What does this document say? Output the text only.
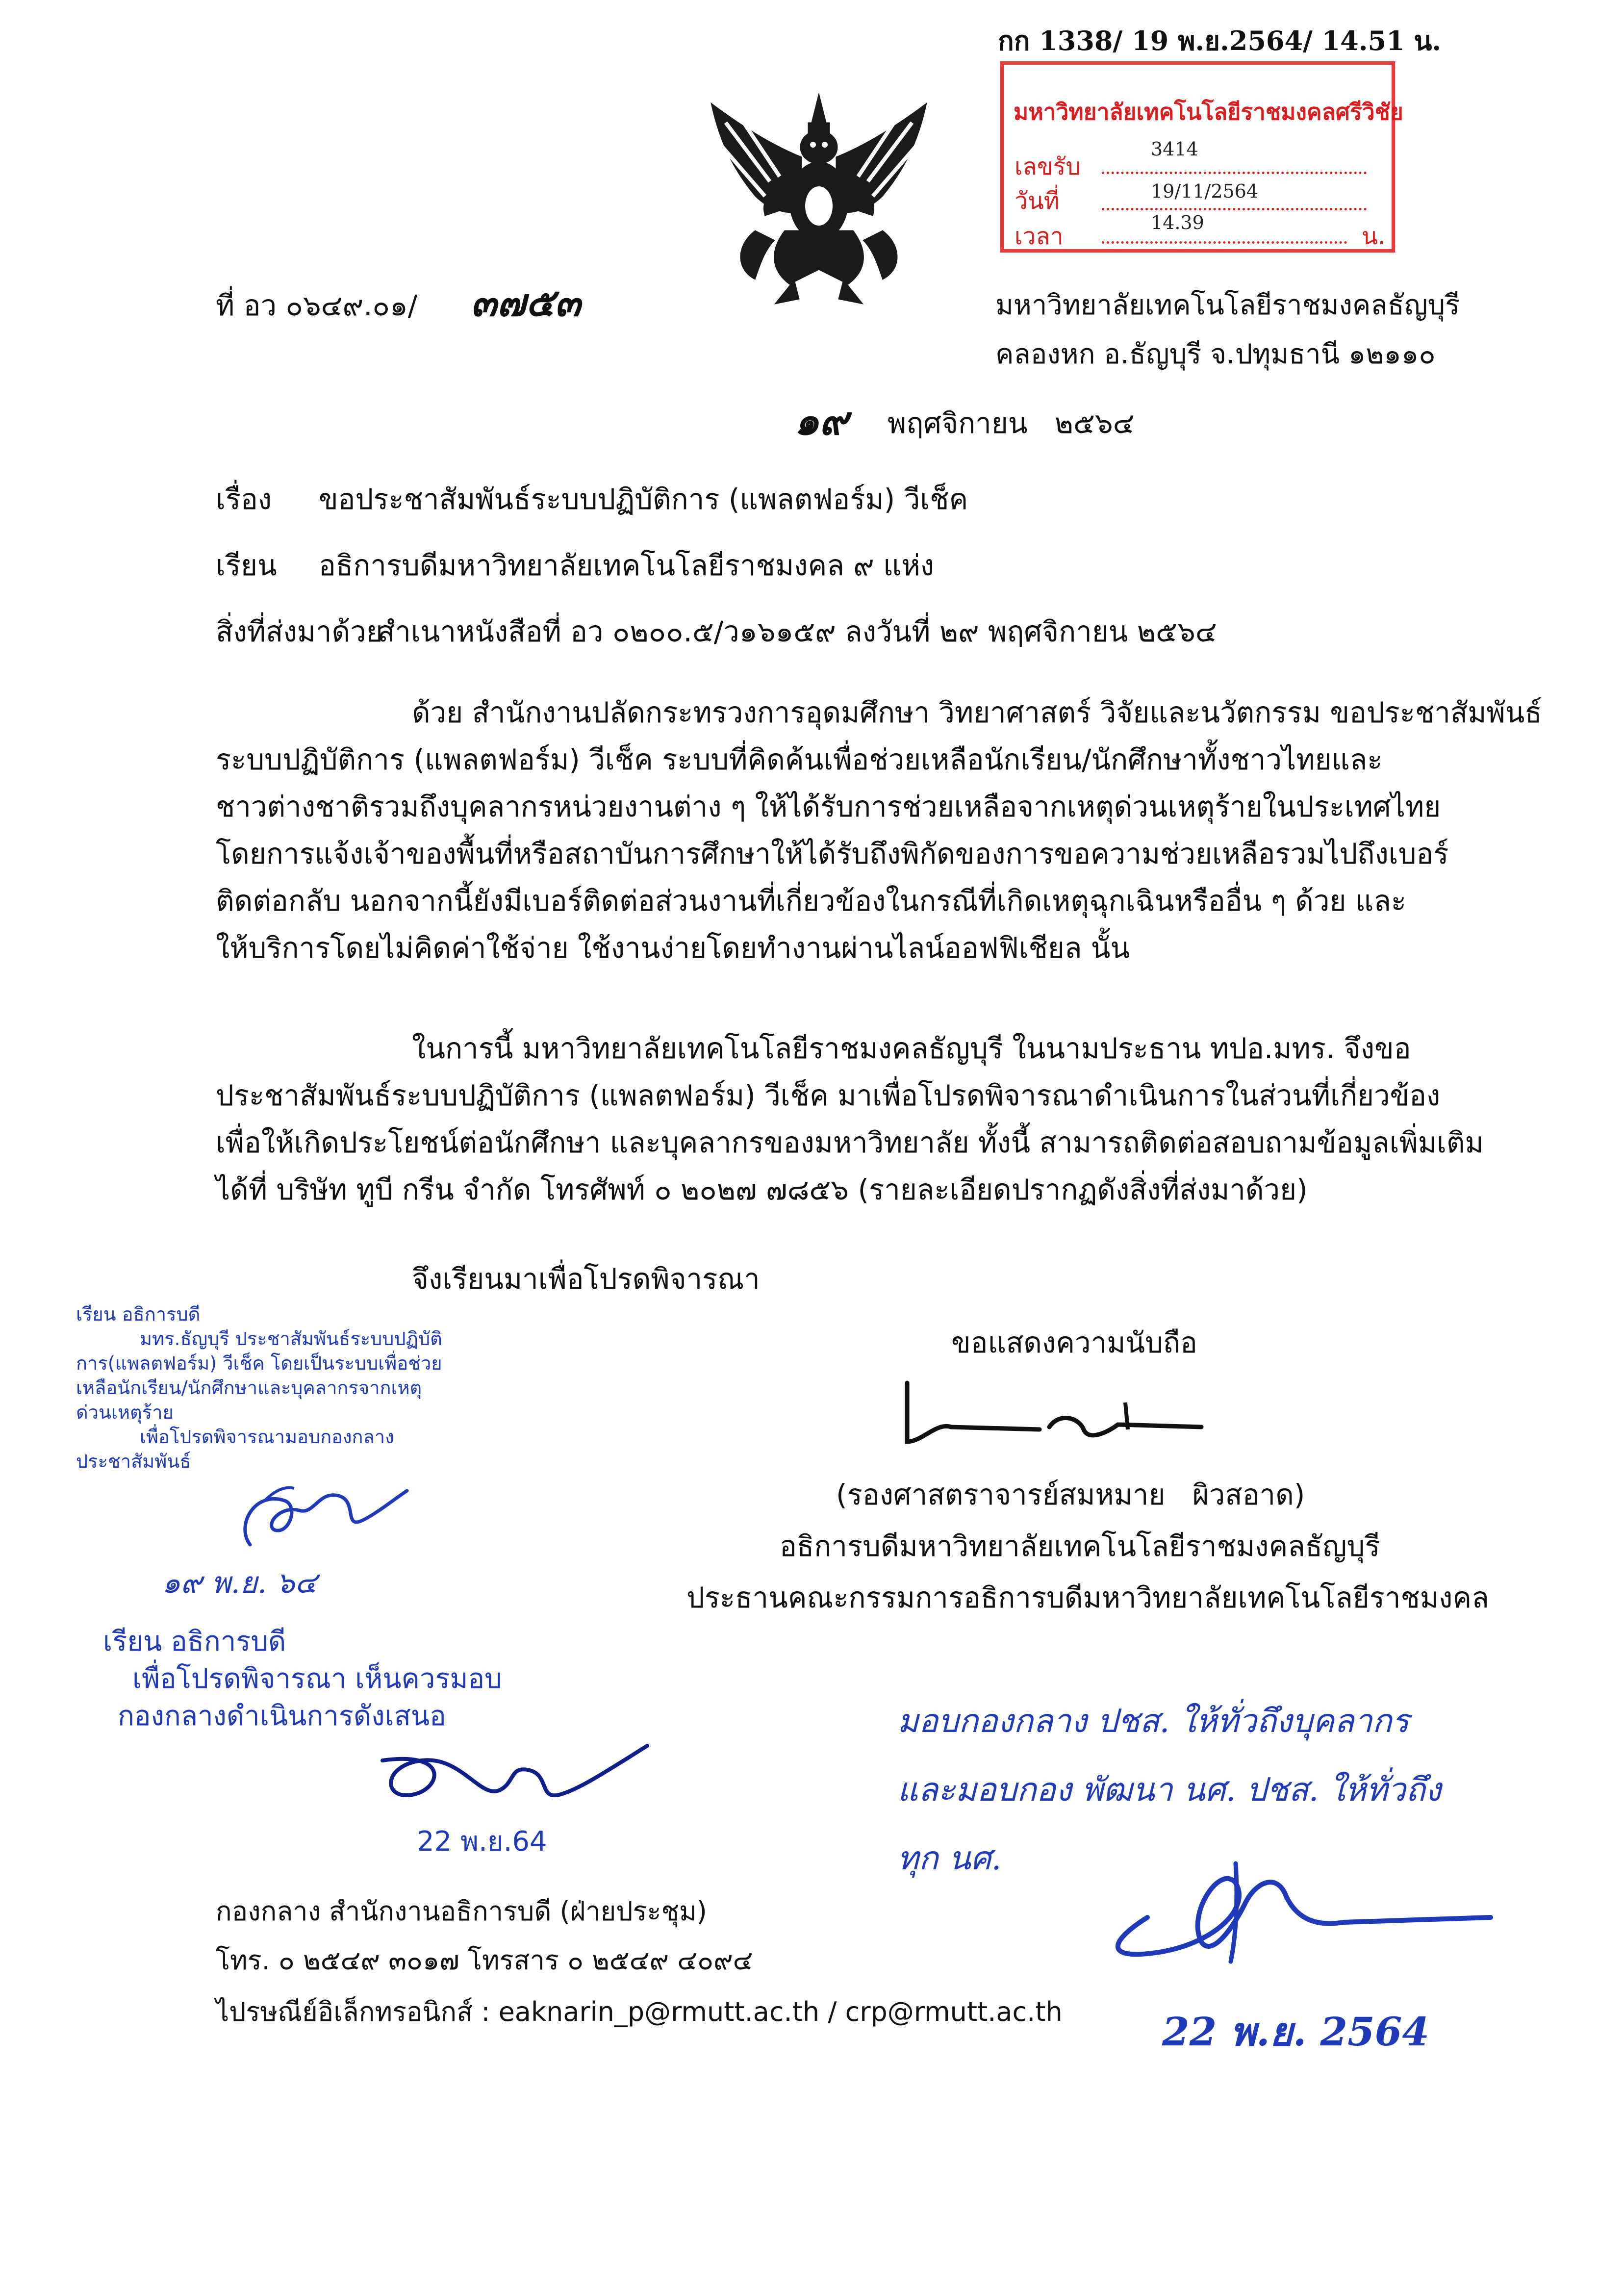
กก 1338/ 19 พ.ย.2564/ 14.51 น.
มหาวิทยาลัยเทคโนโลยีราชมงคลศรีวิชัย
เลขรับ
3414
วันที่	19/11/2564
เวลา	14.39	น.
ที่ อว ๐๖๔๙.๐๑/ ๓๗๕๓	มหาวิทยาลัยเทคโนโลยีราชมงคลธัญบุรี
คลองหก อ.ธัญบุรี จ.ปทุมธานี ๑๒๑๑๐
๑๙ พฤศจิกายน   ๒๕๖๔
เรื่อง ขอประชาสัมพันธ์ระบบปฏิบัติการ (แพลตฟอร์ม) วีเช็ค
เรียน อธิการบดีมหาวิทยาลัยเทคโนโลยีราชมงคล ๙ แห่ง
สิ่งที่ส่งมาด้วย
สำเนาหนังสือที่ อว ๐๒๐๐.๕/ว๑๖๑๕๙ ลงวันที่ ๒๙ พฤศจิกายน ๒๕๖๔
ด้วย สำนักงานปลัดกระทรวงการอุดมศึกษา วิทยาศาสตร์ วิจัยและนวัตกรรม ขอประชาสัมพันธ์
ระบบปฏิบัติการ (แพลตฟอร์ม) วีเช็ค ระบบที่คิดค้นเพื่อช่วยเหลือนักเรียน/นักศึกษาทั้งชาวไทยและ
ชาวต่างชาติรวมถึงบุคลากรหน่วยงานต่าง ๆ ให้ได้รับการช่วยเหลือจากเหตุด่วนเหตุร้ายในประเทศไทย
โดยการแจ้งเจ้าของพื้นที่หรือสถาบันการศึกษาให้ได้รับถึงพิกัดของการขอความช่วยเหลือรวมไปถึงเบอร์
ติดต่อกลับ นอกจากนี้ยังมีเบอร์ติดต่อส่วนงานที่เกี่ยวข้องในกรณีที่เกิดเหตุฉุกเฉินหรืออื่น ๆ ด้วย และ
ให้บริการโดยไม่คิดค่าใช้จ่าย ใช้งานง่ายโดยทำงานผ่านไลน์ออฟฟิเชียล นั้น
ในการนี้ มหาวิทยาลัยเทคโนโลยีราชมงคลธัญบุรี ในนามประธาน ทปอ.มทร. จึงขอ
ประชาสัมพันธ์ระบบปฏิบัติการ (แพลตฟอร์ม) วีเช็ค มาเพื่อโปรดพิจารณาดำเนินการในส่วนที่เกี่ยวข้อง
เพื่อให้เกิดประโยชน์ต่อนักศึกษา และบุคลากรของมหาวิทยาลัย ทั้งนี้ สามารถติดต่อสอบถามข้อมูลเพิ่มเติม
ได้ที่ บริษัท ทูบี กรีน จำกัด โทรศัพท์ ๐ ๒๐๒๗ ๗๘๕๖ (รายละเอียดปรากฏดังสิ่งที่ส่งมาด้วย)
จึงเรียนมาเพื่อโปรดพิจารณา
เรียน อธิการบดี
มทร.ธัญบุรี ประชาสัมพันธ์ระบบปฏิบัติ
การ(แพลตฟอร์ม) วีเช็ค โดยเป็นระบบเพื่อช่วย
เหลือนักเรียน/นักศึกษาและบุคลากรจากเหตุ
ด่วนเหตุร้าย
เพื่อโปรดพิจารณามอบกองกลาง
ประชาสัมพันธ์
๑๙ พ.ย. ๖๔
ขอแสดงความนับถือ
(รองศาสตราจารย์สมหมาย   ผิวสอาด)
อธิการบดีมหาวิทยาลัยเทคโนโลยีราชมงคลธัญบุรี
ประธานคณะกรรมการอธิการบดีมหาวิทยาลัยเทคโนโลยีราชมงคล
เรียน อธิการบดี
เพื่อโปรดพิจารณา เห็นควรมอบ
กองกลางดำเนินการดังเสนอ
22 พ.ย.64
มอบกองกลาง ปชส. ให้ทั่วถึงบุคลากร
และมอบกอง พัฒนา นศ. ปชส. ให้ทั่วถึง
ทุก นศ.
22 พ.ย. 2564
กองกลาง สำนักงานอธิการบดี (ฝ่ายประชุม)
โทร. ๐ ๒๕๔๙ ๓๐๑๗ โทรสาร ๐ ๒๕๔๙ ๔๐๙๔
ไปรษณีย์อิเล็กทรอนิกส์ : eaknarin_p@rmutt.ac.th / crp@rmutt.ac.th
